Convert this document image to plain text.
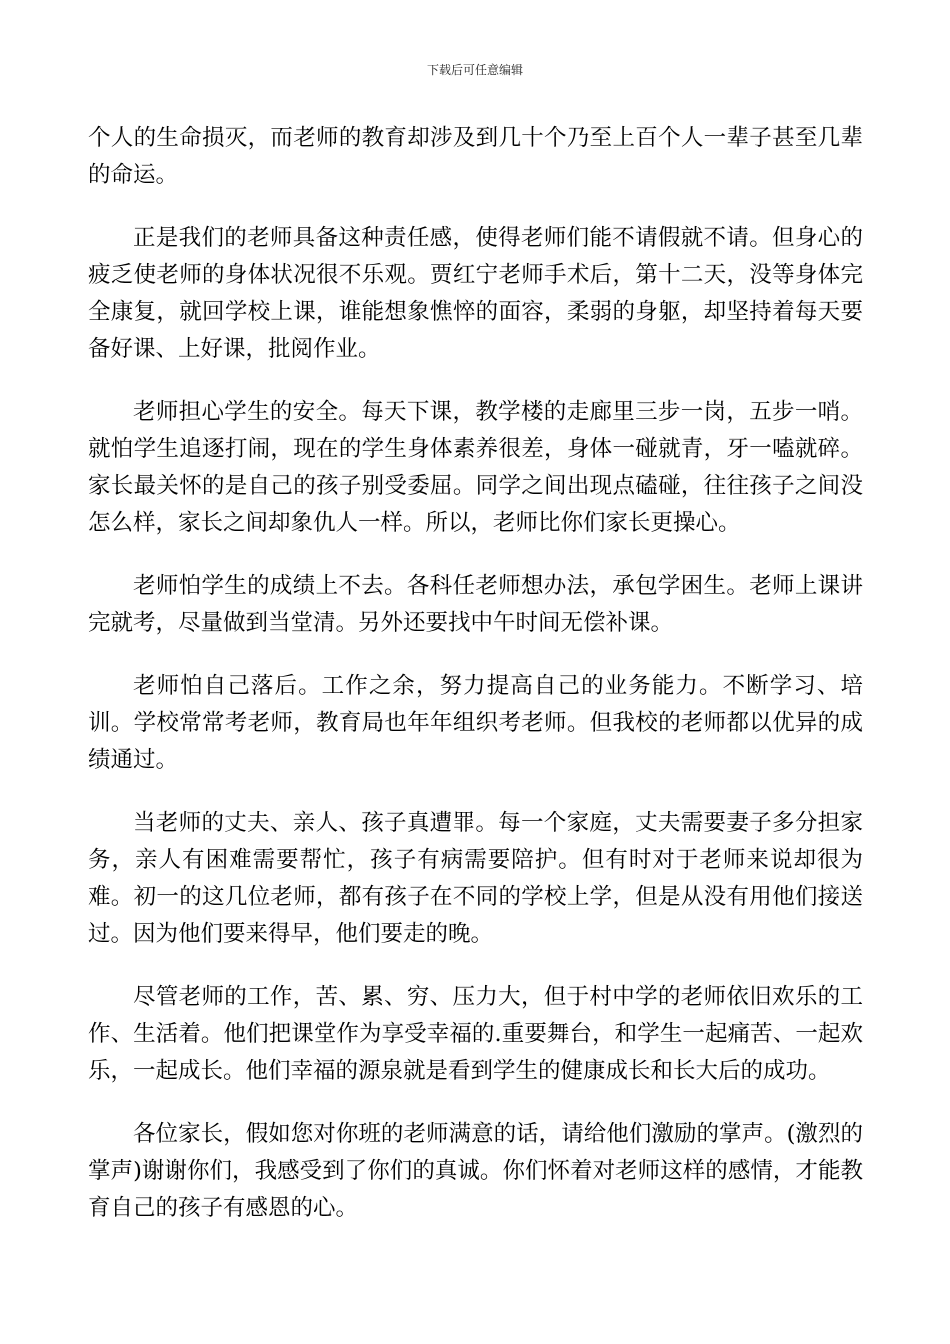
下载后可任意编辑

个人的生命损灭，而老师的教育却涉及到几十个乃至上百个人一辈子甚至几辈的命运。

正是我们的老师具备这种责任感，使得老师们能不请假就不请。但身心的疲乏使老师的身体状况很不乐观。贾红宁老师手术后，第十二天，没等身体完全康复，就回学校上课，谁能想象憔悴的面容，柔弱的身躯，却坚持着每天要备好课、上好课，批阅作业。

老师担心学生的安全。每天下课，教学楼的走廊里三步一岗，五步一哨。就怕学生追逐打闹，现在的学生身体素养很差，身体一碰就青，牙一嗑就碎。家长最关怀的是自己的孩子别受委屈。同学之间出现点磕碰，往往孩子之间没怎么样，家长之间却象仇人一样。所以，老师比你们家长更操心。

老师怕学生的成绩上不去。各科任老师想办法，承包学困生。老师上课讲完就考，尽量做到当堂清。另外还要找中午时间无偿补课。

老师怕自己落后。工作之余，努力提高自己的业务能力。不断学习、培训。学校常常考老师，教育局也年年组织考老师。但我校的老师都以优异的成绩通过。

当老师的丈夫、亲人、孩子真遭罪。每一个家庭，丈夫需要妻子多分担家务，亲人有困难需要帮忙，孩子有病需要陪护。但有时对于老师来说却很为难。初一的这几位老师，都有孩子在不同的学校上学，但是从没有用他们接送过。因为他们要来得早，他们要走的晚。

尽管老师的工作，苦、累、穷、压力大，但于村中学的老师依旧欢乐的工作、生活着。他们把课堂作为享受幸福的.重要舞台，和学生一起痛苦、一起欢乐，一起成长。他们幸福的源泉就是看到学生的健康成长和长大后的成功。

各位家长，假如您对你班的老师满意的话，请给他们激励的掌声。(激烈的掌声)谢谢你们，我感受到了你们的真诚。你们怀着对老师这样的感情，才能教育自己的孩子有感恩的心。
